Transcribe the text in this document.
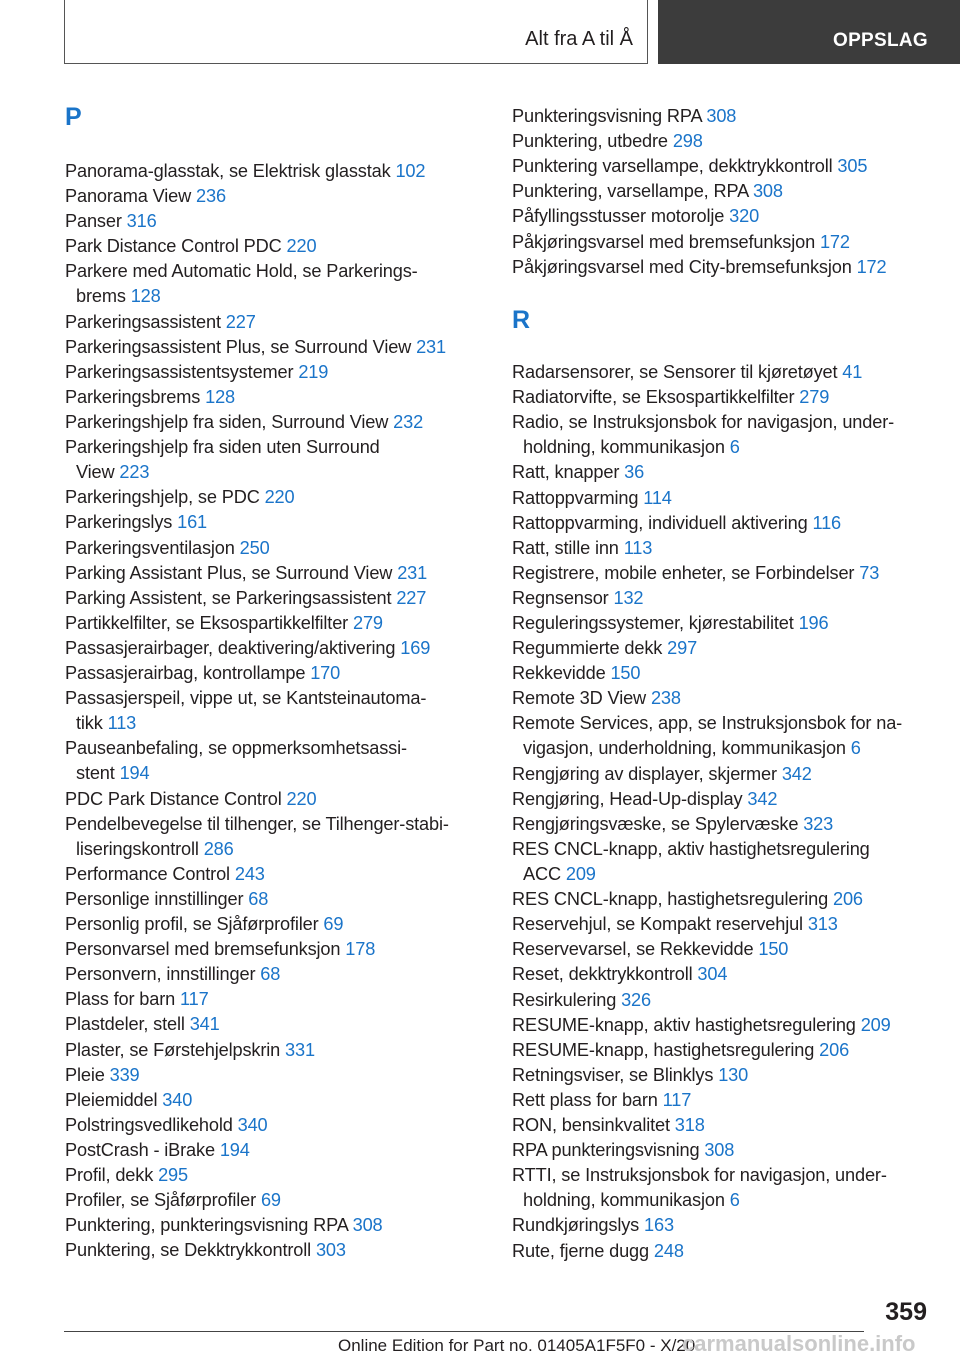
Alt fra A til Å	OPPSLAG
P
Panorama-glasstak, se Elektrisk glasstak 102
Panorama View 236
Panser 316
Park Distance Control PDC 220
Parkere med Automatic Hold, se Parkerings-
brems 128
Parkeringsassistent 227
Parkeringsassistent Plus, se Surround View 231
Parkeringsassistentsystemer 219
Parkeringsbrems 128
Parkeringshjelp fra siden, Surround View 232
Parkeringshjelp fra siden uten Surround
View 223
Parkeringshjelp, se PDC 220
Parkeringslys 161
Parkeringsventilasjon 250
Parking Assistant Plus, se Surround View 231
Parking Assistent, se Parkeringsassistent 227
Partikkelfilter, se Eksospartikkelfilter 279
Passasjerairbager, deaktivering/aktivering 169
Passasjerairbag, kontrollampe 170
Passasjerspeil, vippe ut, se Kantsteinautoma-
tikk 113
Pauseanbefaling, se oppmerksomhetsassi-
stent 194
PDC Park Distance Control 220
Pendelbevegelse til tilhenger, se Tilhenger-stabi-
liseringskontroll 286
Performance Control 243
Personlige innstillinger 68
Personlig profil, se Sjåførprofiler 69
Personvarsel med bremsefunksjon 178
Personvern, innstillinger 68
Plass for barn 117
Plastdeler, stell 341
Plaster, se Førstehjelpskrin 331
Pleie 339
Pleiemiddel 340
Polstringsvedlikehold 340
PostCrash - iBrake 194
Profil, dekk 295
Profiler, se Sjåførprofiler 69
Punktering, punkteringsvisning RPA 308
Punktering, se Dekktrykkontroll 303
Punkteringsvisning RPA 308
Punktering, utbedre 298
Punktering varsellampe, dekktrykkontroll 305
Punktering, varsellampe, RPA 308
Påfyllingsstusser motorolje 320
Påkjøringsvarsel med bremsefunksjon 172
Påkjøringsvarsel med City-bremsefunksjon 172
R
Radarsensorer, se Sensorer til kjøretøyet 41
Radiatorvifte, se Eksospartikkelfilter 279
Radio, se Instruksjonsbok for navigasjon, under-
holdning, kommunikasjon 6
Ratt, knapper 36
Rattoppvarming 114
Rattoppvarming, individuell aktivering 116
Ratt, stille inn 113
Registrere, mobile enheter, se Forbindelser 73
Regnsensor 132
Reguleringssystemer, kjørestabilitet 196
Regummierte dekk 297
Rekkevidde 150
Remote 3D View 238
Remote Services, app, se Instruksjonsbok for na-
vigasjon, underholdning, kommunikasjon 6
Rengjøring av displayer, skjermer 342
Rengjøring, Head-Up-display 342
Rengjøringsvæske, se Spylervæske 323
RES CNCL-knapp, aktiv hastighetsregulering
ACC 209
RES CNCL-knapp, hastighetsregulering 206
Reservehjul, se Kompakt reservehjul 313
Reservevarsel, se Rekkevidde 150
Reset, dekktrykkontroll 304
Resirkulering 326
RESUME-knapp, aktiv hastighetsregulering 209
RESUME-knapp, hastighetsregulering 206
Retningsviser, se Blinklys 130
Rett plass for barn 117
RON, bensinkvalitet 318
RPA punkteringsvisning 308
RTTI, se Instruksjonsbok for navigasjon, under-
holdning, kommunikasjon 6
Rundkjøringslys 163
Rute, fjerne dugg 248
359
Online Edition for Part no. 01405A1F5F0 - X/20
carmanualsonline.info
